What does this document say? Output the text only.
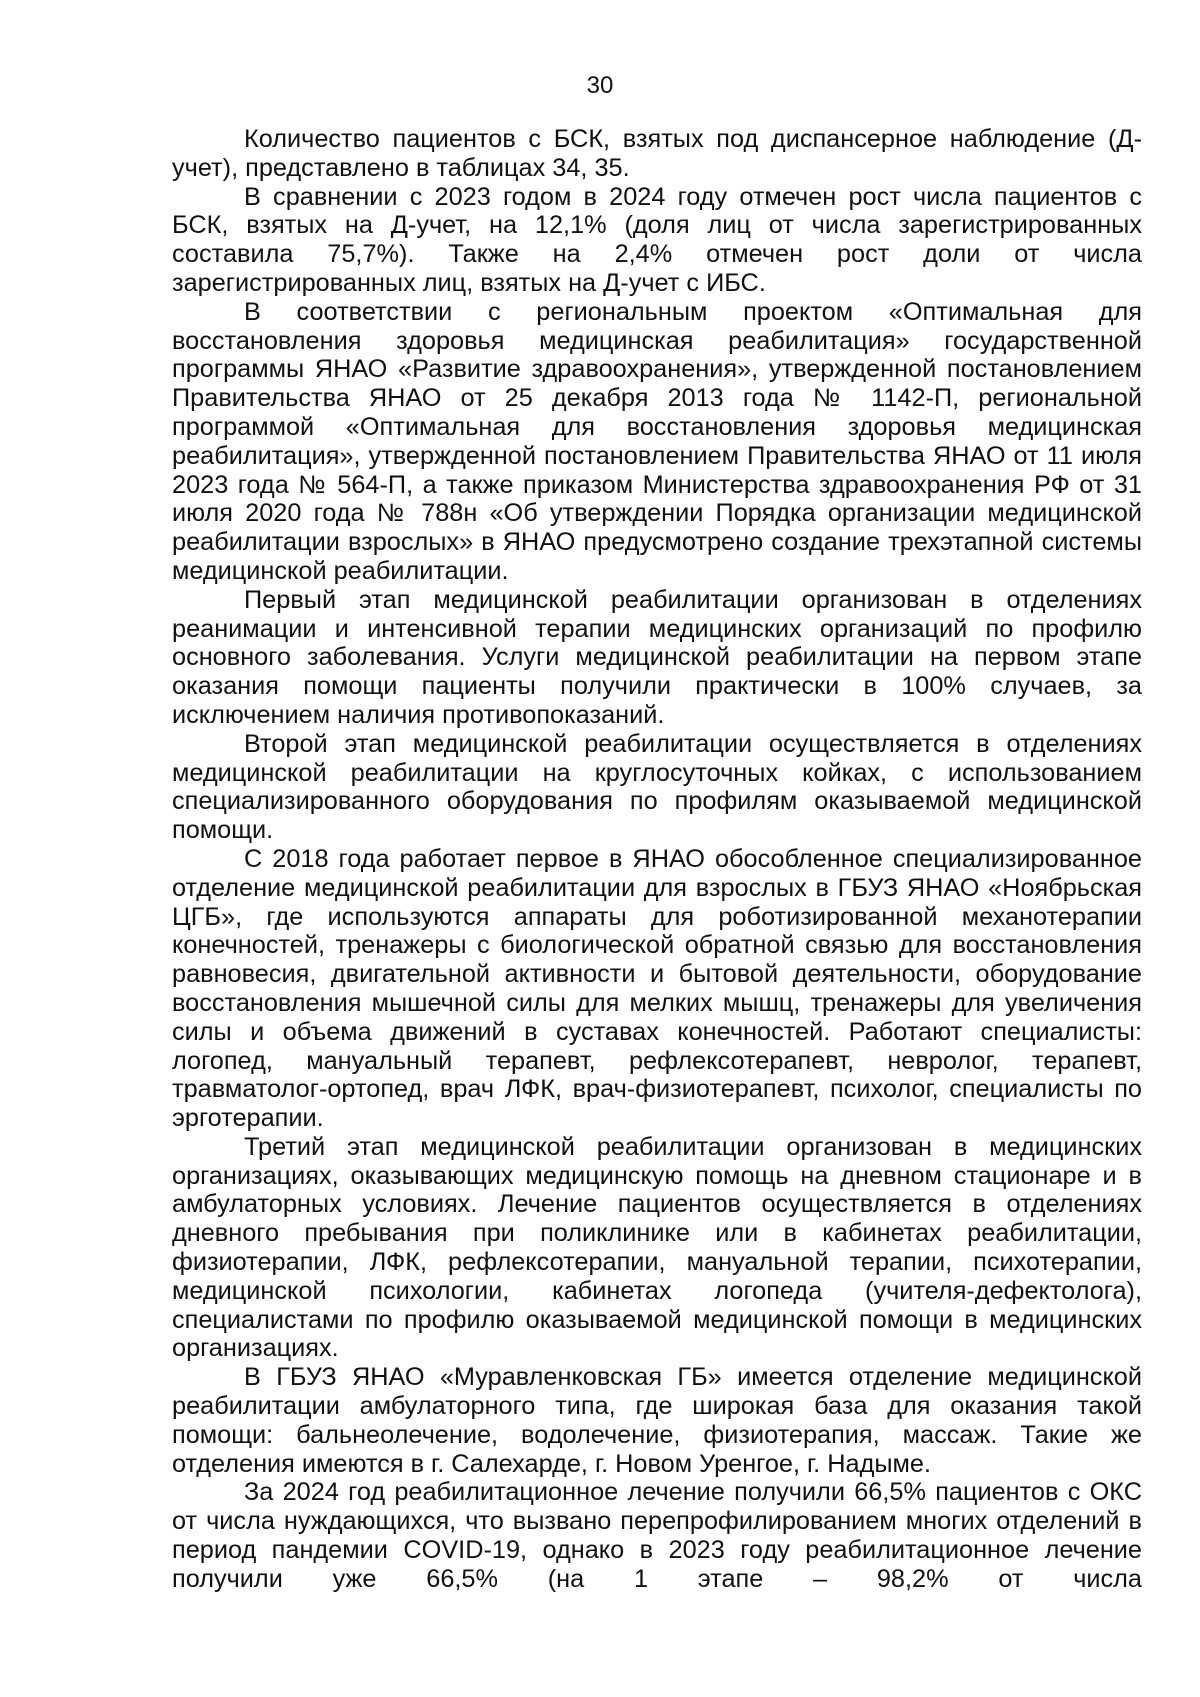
30

Количество пациентов с БСК, взятых под диспансерное наблюдение (Д-учет), представлено в таблицах 34, 35.

В сравнении с 2023 годом в 2024 году отмечен рост числа пациентов с БСК, взятых на Д-учет, на 12,1% (доля лиц от числа зарегистрированных составила 75,7%). Также на 2,4% отмечен рост доли от числа зарегистрированных лиц, взятых на Д-учет с ИБС.

В соответствии с региональным проектом «Оптимальная для восстановления здоровья медицинская реабилитация» государственной программы ЯНАО «Развитие здравоохранения», утвержденной постановлением Правительства ЯНАО от 25 декабря 2013 года № 1142-П, региональной программой «Оптимальная для восстановления здоровья медицинская реабилитация», утвержденной постановлением Правительства ЯНАО от 11 июля 2023 года № 564-П, а также приказом Министерства здравоохранения РФ от 31 июля 2020 года № 788н «Об утверждении Порядка организации медицинской реабилитации взрослых» в ЯНАО предусмотрено создание трехэтапной системы медицинской реабилитации.

Первый этап медицинской реабилитации организован в отделениях реанимации и интенсивной терапии медицинских организаций по профилю основного заболевания. Услуги медицинской реабилитации на первом этапе оказания помощи пациенты получили практически в 100% случаев, за исключением наличия противопоказаний.

Второй этап медицинской реабилитации осуществляется в отделениях медицинской реабилитации на круглосуточных койках, с использованием специализированного оборудования по профилям оказываемой медицинской помощи.

С 2018 года работает первое в ЯНАО обособленное специализированное отделение медицинской реабилитации для взрослых в ГБУЗ ЯНАО «Ноябрьская ЦГБ», где используются аппараты для роботизированной механотерапии конечностей, тренажеры с биологической обратной связью для восстановления равновесия, двигательной активности и бытовой деятельности, оборудование восстановления мышечной силы для мелких мышц, тренажеры для увеличения силы и объема движений в суставах конечностей. Работают специалисты: логопед, мануальный терапевт, рефлексотерапевт, невролог, терапевт, травматолог-ортопед, врач ЛФК, врач-физиотерапевт, психолог, специалисты по эрготерапии.

Третий этап медицинской реабилитации организован в медицинских организациях, оказывающих медицинскую помощь на дневном стационаре и в амбулаторных условиях. Лечение пациентов осуществляется в отделениях дневного пребывания при поликлинике или в кабинетах реабилитации, физиотерапии, ЛФК, рефлексотерапии, мануальной терапии, психотерапии, медицинской психологии, кабинетах логопеда (учителя-дефектолога), специалистами по профилю оказываемой медицинской помощи в медицинских организациях.

В ГБУЗ ЯНАО «Муравленковская ГБ» имеется отделение медицинской реабилитации амбулаторного типа, где широкая база для оказания такой помощи: бальнеолечение, водолечение, физиотерапия, массаж. Такие же отделения имеются в г. Салехарде, г. Новом Уренгое, г. Надыме.

За 2024 год реабилитационное лечение получили 66,5% пациентов с ОКС от числа нуждающихся, что вызвано перепрофилированием многих отделений в период пандемии COVID-19, однако в 2023 году реабилитационное лечение получили уже 66,5% (на 1 этапе – 98,2% от числа
